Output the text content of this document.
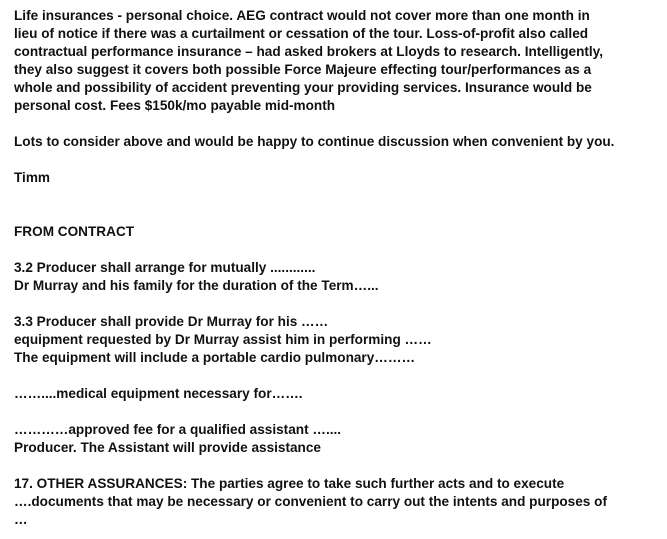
Life insurances - personal choice. AEG contract would not cover more than one month in

lieu of notice if there was a curtailment or cessation of the tour. Loss-of-profit also called

contractual performance insurance – had asked brokers at Lloyds to research. Intelligently,

they also suggest it covers both possible Force Majeure effecting tour/performances as a

whole and possibility of accident preventing your providing services. Insurance would be

personal cost. Fees $150k/mo payable mid-month

Lots to consider above and would be happy to continue discussion when convenient by you.

Timm

FROM CONTRACT

3.2 Producer shall arrange for mutually ............

Dr Murray and his family for the duration of the Term…...

3.3 Producer shall provide Dr Murray for his ……

equipment requested by Dr Murray assist him in performing ……

The equipment will include a portable cardio pulmonary………

……....medical equipment necessary for…….

…………approved fee for a qualified assistant …....

Producer. The Assistant will provide assistance

17. OTHER ASSURANCES: The parties agree to take such further acts and to execute

….documents that may be necessary or convenient to carry out the intents and purposes of

…
